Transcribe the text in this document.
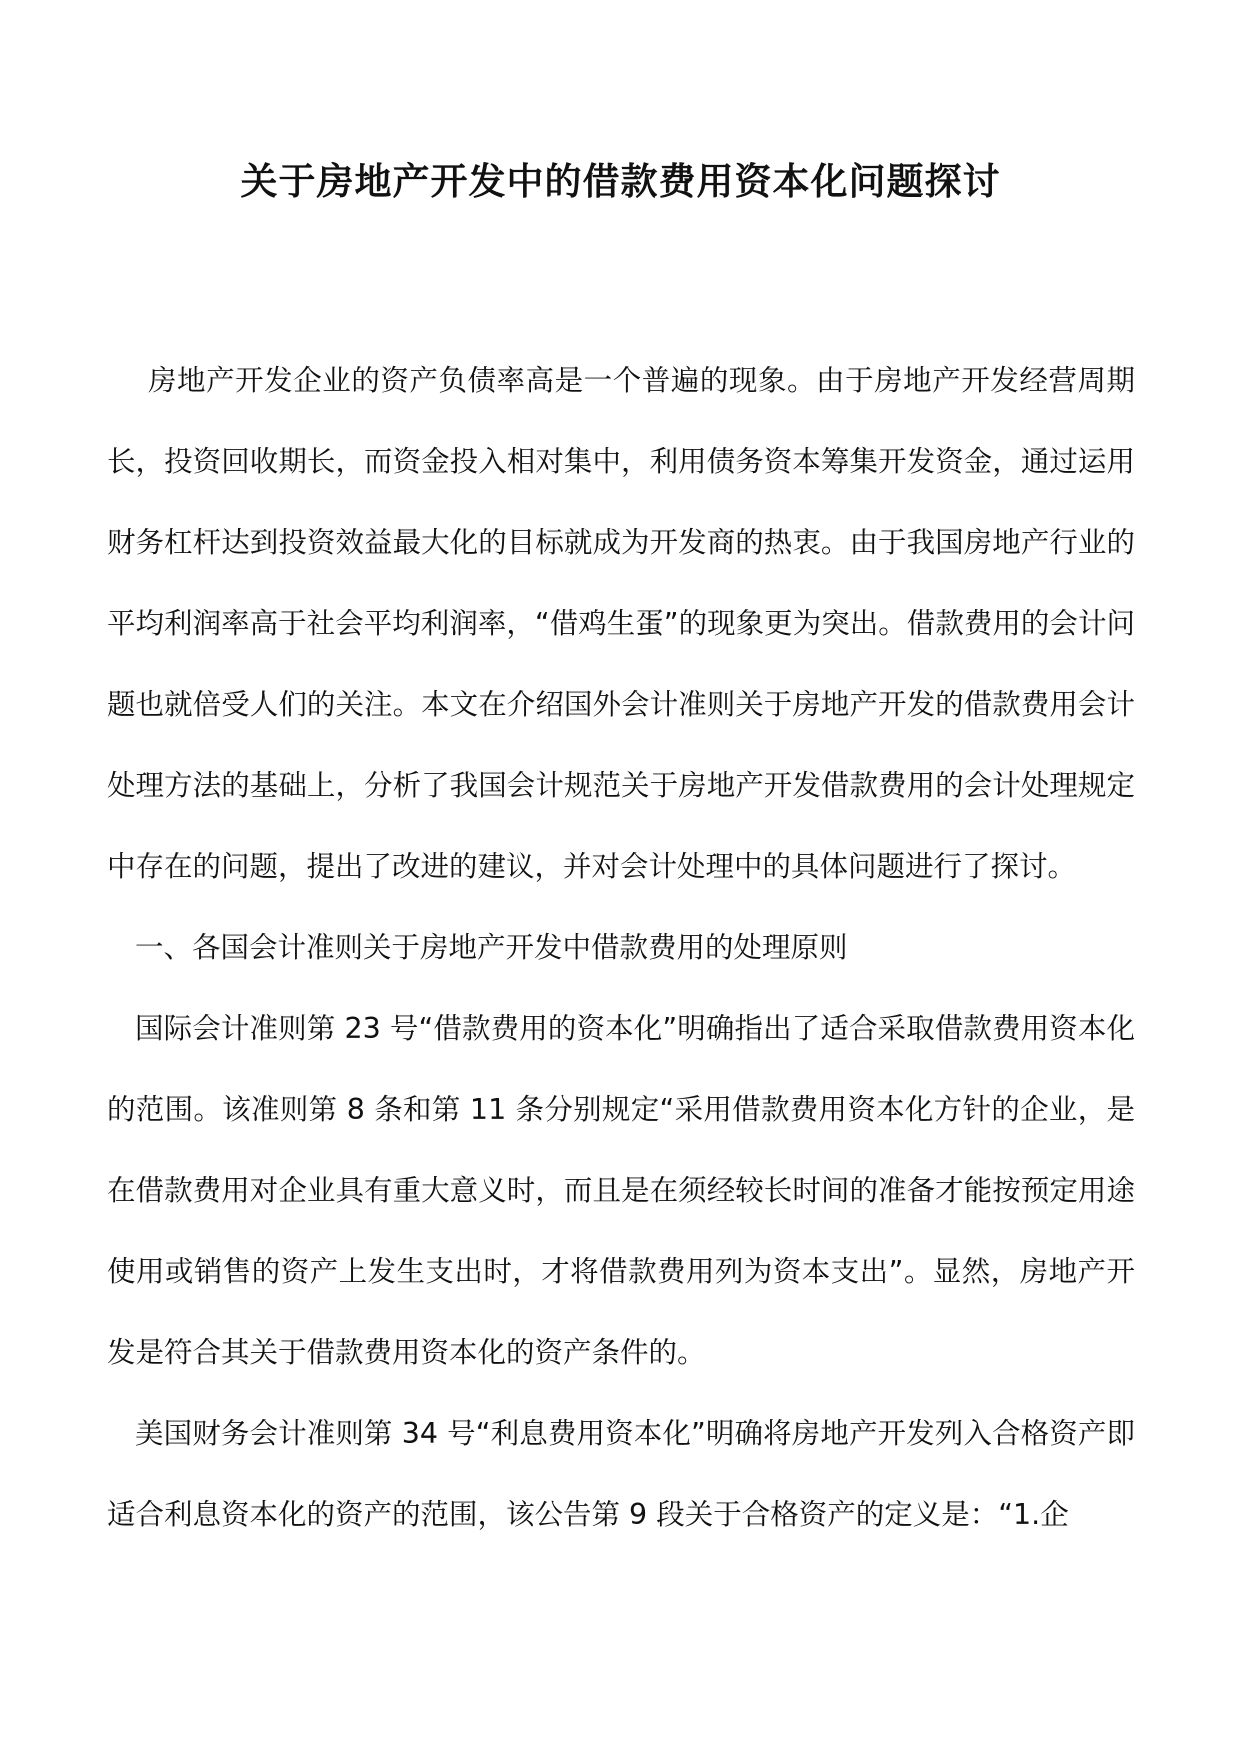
关于房地产开发中的借款费用资本化问题探讨

房地产开发企业的资产负债率高是一个普遍的现象。由于房地产开发经营周期长，投资回收期长，而资金投入相对集中，利用债务资本筹集开发资金，通过运用财务杠杆达到投资效益最大化的目标就成为开发商的热衷。由于我国房地产行业的平均利润率高于社会平均利润率，“借鸡生蛋”的现象更为突出。借款费用的会计问题也就倍受人们的关注。本文在介绍国外会计准则关于房地产开发的借款费用会计处理方法的基础上，分析了我国会计规范关于房地产开发借款费用的会计处理规定中存在的问题，提出了改进的建议，并对会计处理中的具体问题进行了探讨。

一、各国会计准则关于房地产开发中借款费用的处理原则

国际会计准则第 23 号“借款费用的资本化”明确指出了适合采取借款费用资本化的范围。该准则第 8 条和第 11 条分别规定“采用借款费用资本化方针的企业，是在借款费用对企业具有重大意义时，而且是在须经较长时间的准备才能按预定用途使用或销售的资产上发生支出时，才将借款费用列为资本支出”。显然，房地产开发是符合其关于借款费用资本化的资产条件的。

美国财务会计准则第 34 号“利息费用资本化”明确将房地产开发列入合格资产即适合利息资本化的资产的范围，该公告第 9 段关于合格资产的定义是：“1.企
